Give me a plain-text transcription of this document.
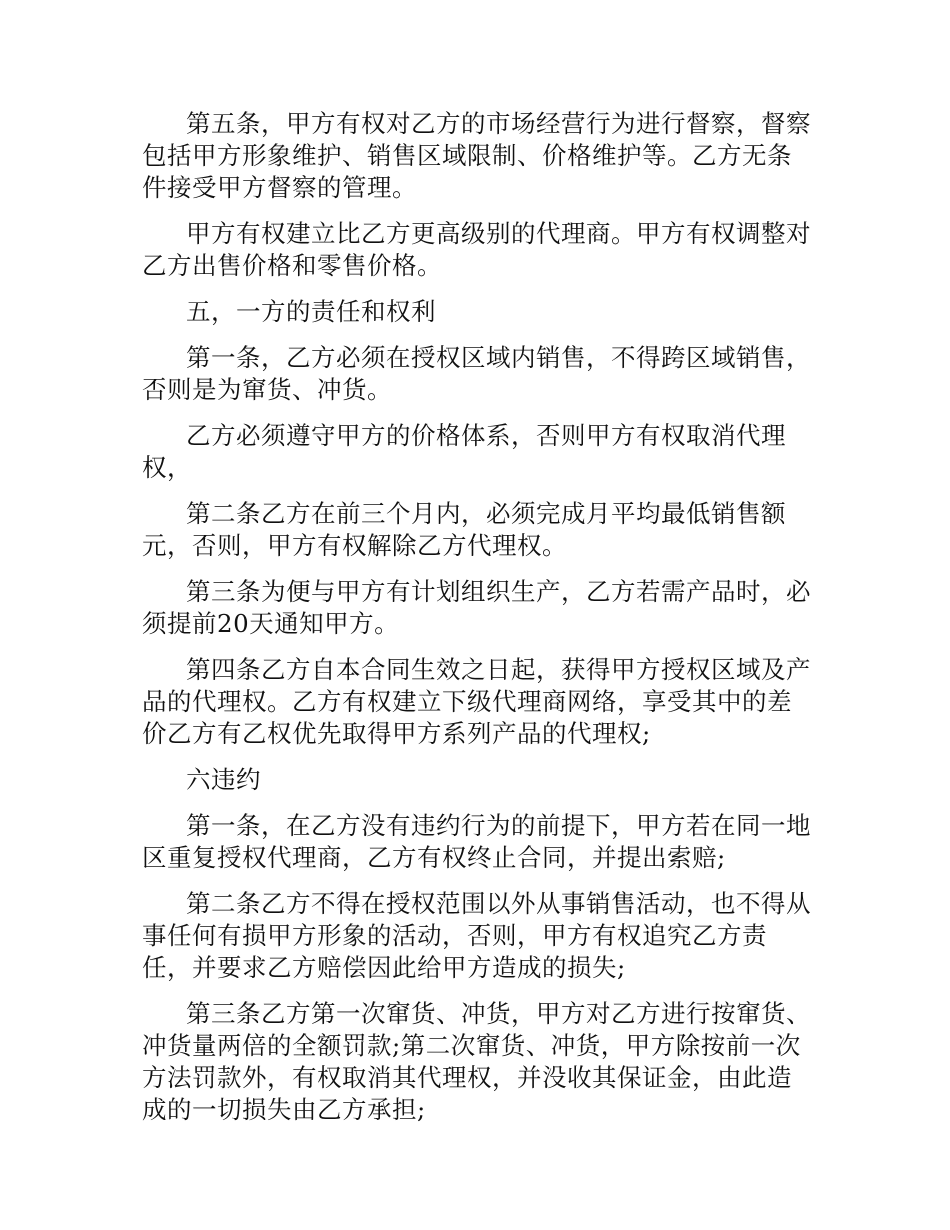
第五条，甲方有权对乙方的市场经营行为进行督察，督察包括甲方形象维护、销售区域限制、价格维护等。乙方无条件接受甲方督察的管理。

甲方有权建立比乙方更高级别的代理商。甲方有权调整对乙方出售价格和零售价格。

五，一方的责任和权利

第一条，乙方必须在授权区域内销售，不得跨区域销售，否则是为窜货、冲货。

乙方必须遵守甲方的价格体系，否则甲方有权取消代理权，

第二条乙方在前三个月内，必须完成月平均最低销售额元，否则，甲方有权解除乙方代理权。

第三条为便与甲方有计划组织生产，乙方若需产品时，必须提前20天通知甲方。

第四条乙方自本合同生效之日起，获得甲方授权区域及产品的代理权。乙方有权建立下级代理商网络，享受其中的差价乙方有乙权优先取得甲方系列产品的代理权;

六违约

第一条，在乙方没有违约行为的前提下，甲方若在同一地区重复授权代理商，乙方有权终止合同，并提出索赔;

第二条乙方不得在授权范围以外从事销售活动，也不得从事任何有损甲方形象的活动，否则，甲方有权追究乙方责任，并要求乙方赔偿因此给甲方造成的损失;

第三条乙方第一次窜货、冲货，甲方对乙方进行按窜货、冲货量两倍的全额罚款;第二次窜货、冲货，甲方除按前一次方法罚款外，有权取消其代理权，并没收其保证金，由此造成的一切损失由乙方承担;
